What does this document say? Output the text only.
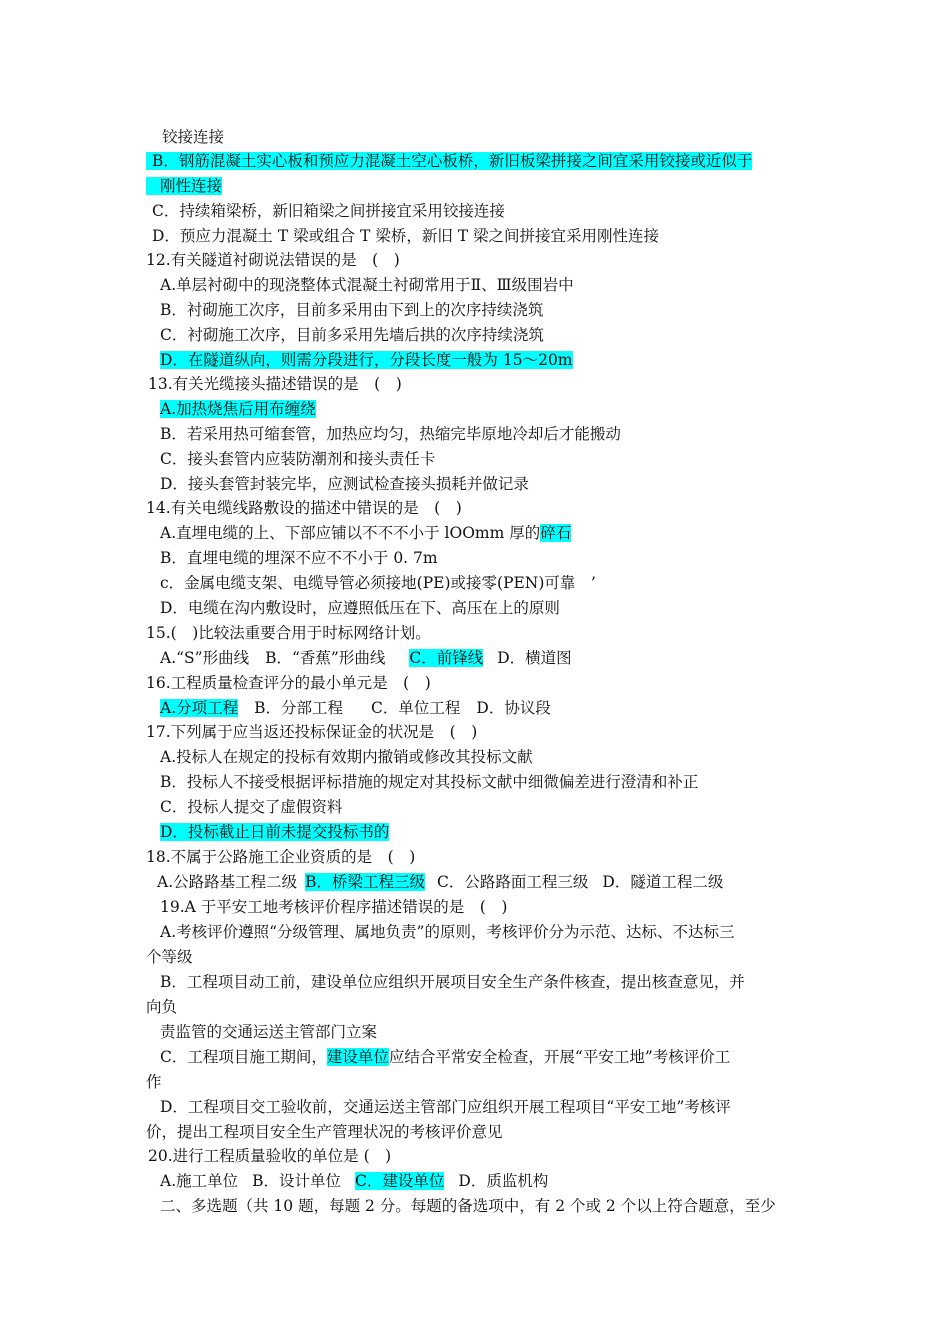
铰接连接
B．钢筋混凝土实心板和预应力混凝土空心板桥，新旧板梁拼接之间宜采用铰接或近似于
刚性连接
C．持续箱梁桥，新旧箱梁之间拼接宜采用铰接连接
D．预应力混凝土 T 梁或组合 T 梁桥，新旧 T 梁之间拼接宜采用刚性连接
12.有关隧道衬砌说法错误的是　(　)
A.单层衬砌中的现浇整体式混凝土衬砌常用于Ⅱ、Ⅲ级围岩中
B．衬砌施工次序，目前多采用由下到上的次序持续浇筑
C．衬砌施工次序，目前多采用先墙后拱的次序持续浇筑
D．在隧道纵向，则需分段进行，分段长度一般为 15～20m
13.有关光缆接头描述错误的是　(　)
A.加热烧焦后用布缠绕
B．若采用热可缩套管，加热应均匀，热缩完毕原地冷却后才能搬动
C．接头套管内应装防潮剂和接头责任卡
D．接头套管封装完毕，应测试检查接头损耗并做记录
14.有关电缆线路敷设的描述中错误的是　(　)
A.直埋电缆的上、下部应铺以不不不小于 lOOmm 厚的碎石
B．直埋电缆的埋深不应不不小于 0. 7m
c．金属电缆支架、电缆导管必须接地(PE)或接零(PEN)可靠　’
D．电缆在沟内敷设时，应遵照低压在下、高压在上的原则
15.(　)比较法重要合用于时标网络计划。
A.“S”形曲线 B．“香蕉”形曲线 C．前锋线 D．横道图
16.工程质量检查评分的最小单元是　(　)
A.分项工程 B．分部工程 C．单位工程 D．协议段
17.下列属于应当返还投标保证金的状况是　(　)
A.投标人在规定的投标有效期内撤销或修改其投标文献
B．投标人不接受根据评标措施的规定对其投标文献中细微偏差进行澄清和补正
C．投标人提交了虚假资料
D．投标截止日前未提交投标书的
18.不属于公路施工企业资质的是　(　)
A.公路路基工程二级 B．桥梁工程三级 C．公路路面工程三级 D．隧道工程二级
19.A 于平安工地考核评价程序描述错误的是　(　)
A.考核评价遵照“分级管理、属地负责”的原则，考核评价分为示范、达标、不达标三
个等级
B．工程项目动工前，建设单位应组织开展项目安全生产条件核查，提出核查意见，并
向负
责监管的交通运送主管部门立案
C．工程项目施工期间，建设单位应结合平常安全检查，开展“平安工地”考核评价工
作
D．工程项目交工验收前，交通运送主管部门应组织开展工程项目“平安工地”考核评
价，提出工程项目安全生产管理状况的考核评价意见
20.进行工程质量验收的单位是 (　)
A.施工单位 B．设计单位 C．建设单位 D．质监机构
二、多选题（共 10 题，每题 2 分。每题的备选项中，有 2 个或 2 个以上符合题意，至少
